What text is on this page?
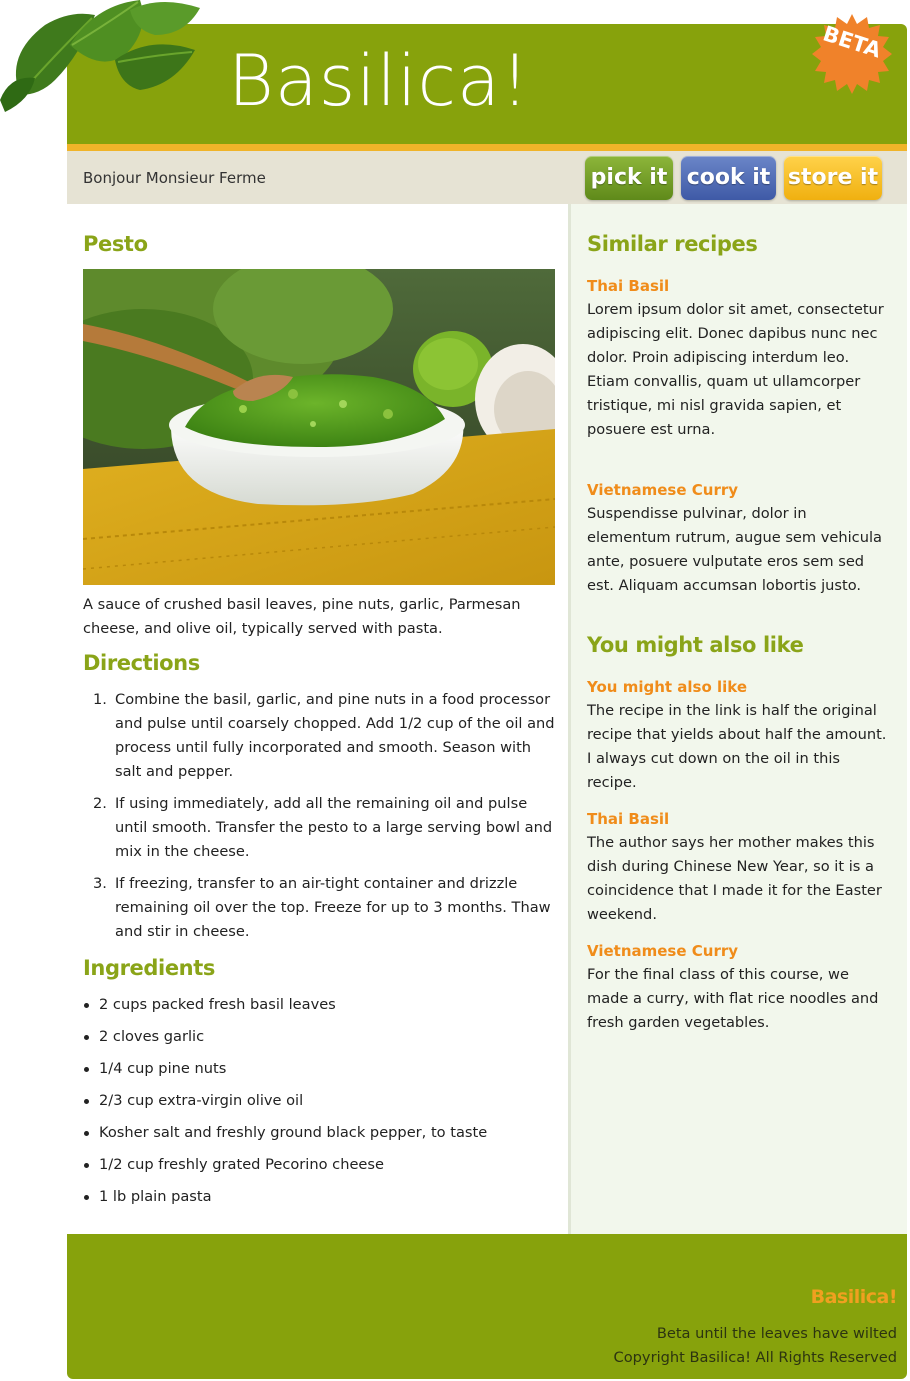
Basilica!	BETA
Bonjour Monsieur Ferme	pick it cook it store it
Pesto

A sauce of crushed basil leaves, pine nuts, garlic, Parmesan cheese, and olive oil, typically served with pasta.

Directions
1. Combine the basil, garlic, and pine nuts in a food processor and pulse until coarsely chopped. Add 1/2 cup of the oil and process until fully incorporated and smooth. Season with salt and pepper.
2. If using immediately, add all the remaining oil and pulse until smooth. Transfer the pesto to a large serving bowl and mix in the cheese.
3. If freezing, transfer to an air-tight container and drizzle remaining oil over the top. Freeze for up to 3 months. Thaw and stir in cheese.
Ingredients
2 cups packed fresh basil leaves
2 cloves garlic
1/4 cup pine nuts
2/3 cup extra-virgin olive oil
Kosher salt and freshly ground black pepper, to taste
1/2 cup freshly grated Pecorino cheese
1 lb plain pasta
Similar recipes
Thai Basil

Lorem ipsum dolor sit amet, consectetur adipiscing elit. Donec dapibus nunc nec dolor. Proin adipiscing interdum leo. Etiam convallis, quam ut ullamcorper tristique, mi nisl gravida sapien, et posuere est urna.

Vietnamese Curry

Suspendisse pulvinar, dolor in elementum rutrum, augue sem vehicula ante, posuere vulputate eros sem sed est. Aliquam accumsan lobortis justo.

You might also like
You might also like

The recipe in the link is half the original recipe that yields about half the amount. I always cut down on the oil in this recipe.

Thai Basil

The author says her mother makes this dish during Chinese New Year, so it is a coincidence that I made it for the Easter weekend.

Vietnamese Curry

For the final class of this course, we made a curry, with flat rice noodles and fresh garden vegetables.

Basilica!
Beta until the leaves have wilted
Copyright Basilica! All Rights Reserved
